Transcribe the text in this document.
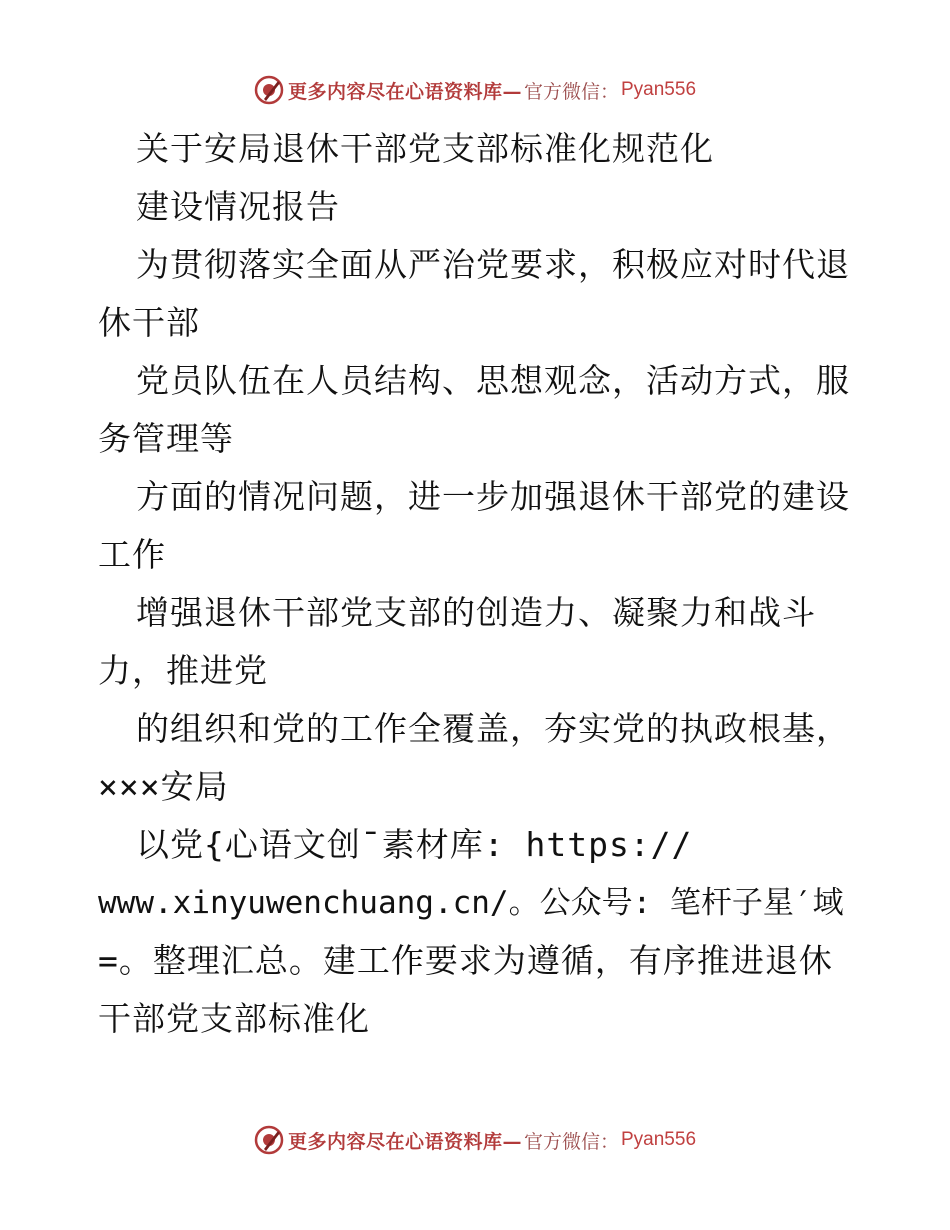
更多内容尽在心语资料库— 官方微信： Pyan556
关于安局退休干部党支部标准化规范化
建设情况报告
为贯彻落实全面从严治党要求，积极应对时代退
休干部
党员队伍在人员结构、思想观念，活动方式，服
务管理等
方面的情况问题，进一步加强退休干部党的建设
工作
增强退休干部党支部的创造力、凝聚力和战斗
力，推进党
的组织和党的工作全覆盖，夯实党的执政根基，
×××安局
以党{心语文创¯素材库: https://
www.xinyuwenchuang.cn/。公众号: 笔杆子星′域
=。整理汇总。建工作要求为遵循，有序推进退休
干部党支部标准化
更多内容尽在心语资料库— 官方微信： Pyan556
